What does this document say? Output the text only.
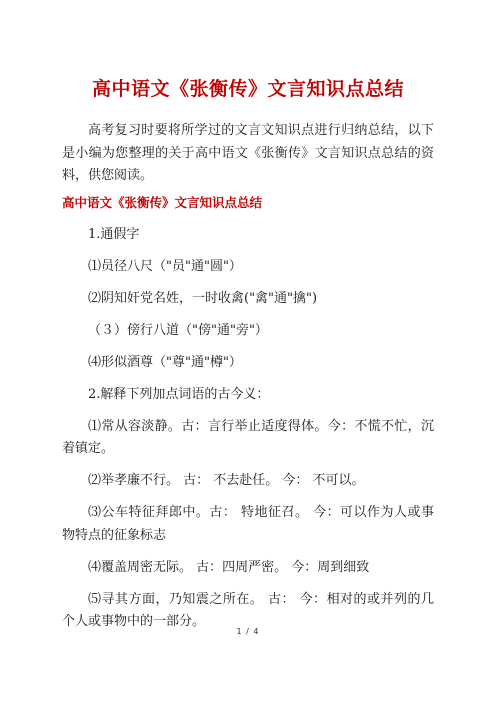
高中语文《张衡传》文言知识点总结

高考复习时要将所学过的文言文知识点进行归纳总结，以下是小编为您整理的关于高中语文《张衡传》文言知识点总结的资料，供您阅读。

高中语文《张衡传》文言知识点总结

1.通假字

⑴员径八尺（"员"通"圆"）

⑵阴知奸党名姓，一时收禽("禽"通"擒")

（３）傍行八道（"傍"通"旁"）

⑷形似酒尊（"尊"通"樽"）

2.解释下列加点词语的古今义：

⑴常从容淡静。古：言行举止适度得体。今：不慌不忙，沉着镇定。

⑵举孝廉不行。 古： 不去赴任。 今： 不可以。

⑶公车特征拜郎中。古： 特地征召。 今：可以作为人或事物特点的征象标志

⑷覆盖周密无际。 古：四周严密。 今：周到细致

⑸寻其方面，乃知震之所在。 古： 今：相对的或并列的几个人或事物中的一部分。

1 / 4
